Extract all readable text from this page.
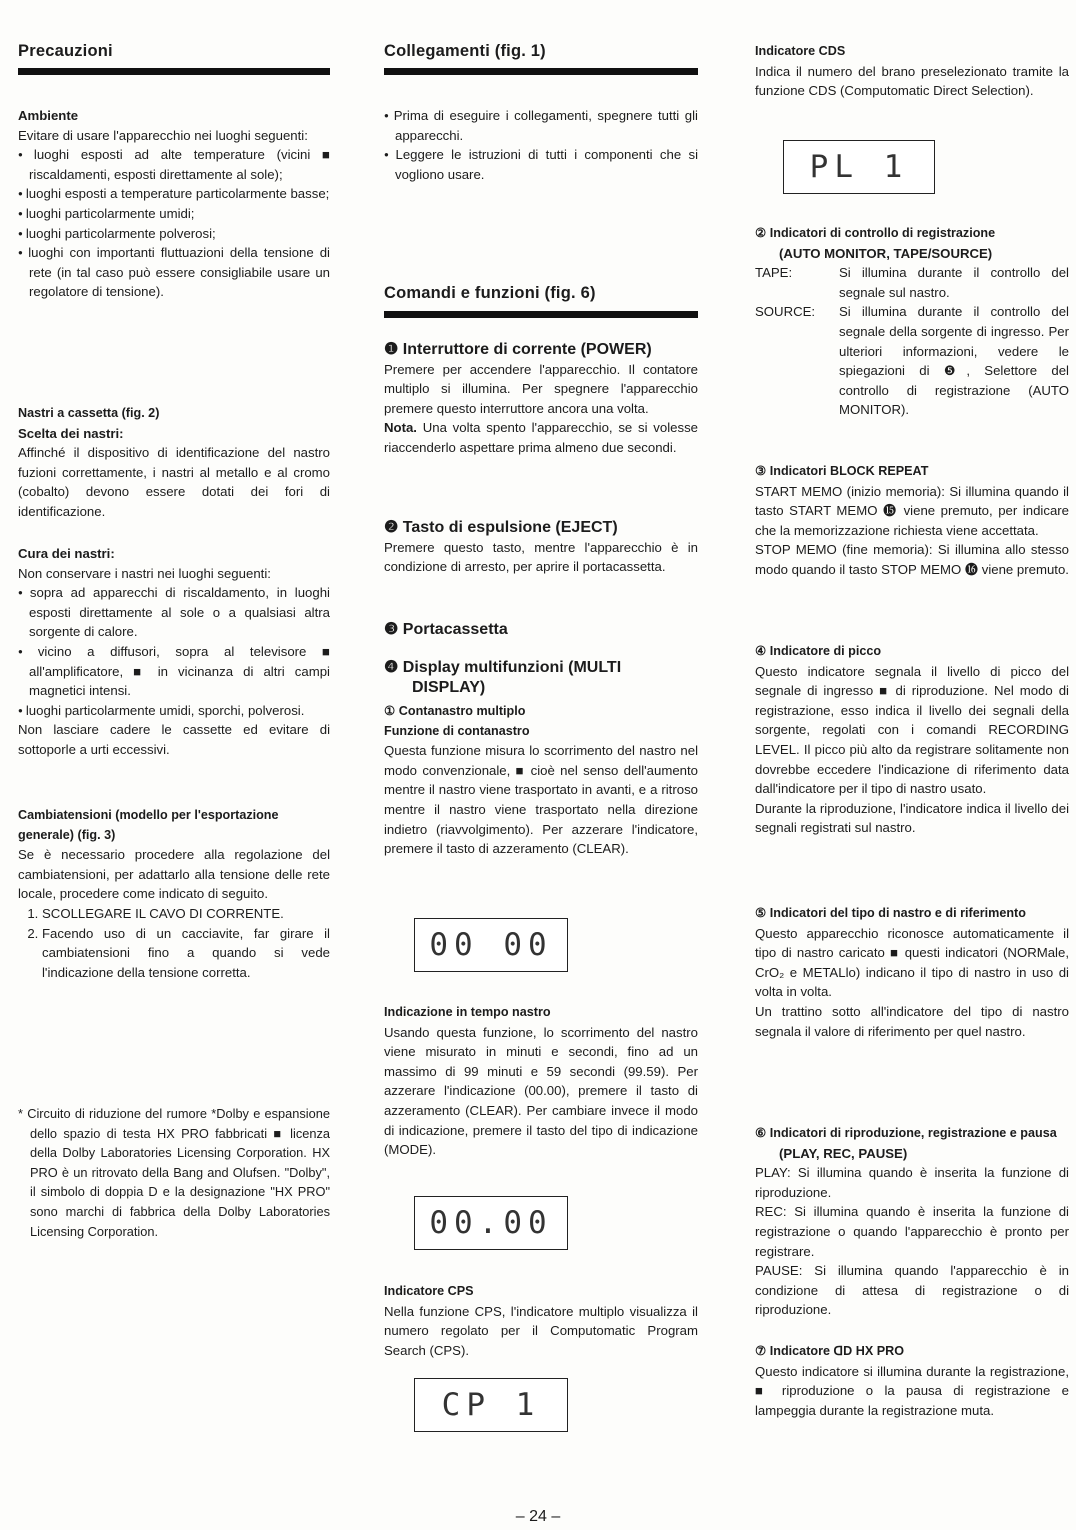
Precauzioni
Ambiente

Evitare di usare l'apparecchio nei luoghi seguenti:

● luoghi esposti ad alte temperature (vicini ■ riscaldamenti, esposti direttamente al sole);
● luoghi esposti a temperature particolarmente basse;
● luoghi particolarmente umidi;
● luoghi particolarmente polverosi;
● luoghi con importanti fluttuazioni della tensione di rete (in tal caso può essere consigliabile usare un regolatore di tensione).
Nastri a cassetta (fig. 2)
Scelta dei nastri:

Affinché il dispositivo di identificazione del nastro fuzioni correttamente, i nastri al metallo e al cromo (cobalto) devono essere dotati dei fori di identificazione.

Cura dei nastri:

Non conservare i nastri nei luoghi seguenti:

● sopra ad apparecchi di riscaldamento, in luoghi esposti direttamente al sole o a qualsiasi altra sorgente di calore.
● vicino a diffusori, sopra al televisore ■ all'amplificatore, ■ in vicinanza di altri campi magnetici intensi.
● luoghi particolarmente umidi, sporchi, polverosi.

Non lasciare cadere le cassette ed evitare di sottoporle a urti eccessivi.

Cambiatensioni (modello per l'esportazione generale) (fig. 3)

Se è necessario procedere alla regolazione del cambiatensioni, per adattarlo alla tensione delle rete locale, procedere come indicato di seguito.

1. SCOLLEGARE IL CAVO DI CORRENTE.
2. Facendo uso di un cacciavite, far girare il cambiatensioni fino a quando si vede l'indicazione della tensione corretta.

* Circuito di riduzione del rumore *Dolby e espansione dello spazio di testa HX PRO fabbricati ■ licenza della Dolby Laboratories Licensing Corporation. HX PRO è un ritrovato della Bang and Olufsen. "Dolby", il simbolo di doppia D e la designazione "HX PRO" sono marchi di fabbrica della Dolby Laboratories Licensing Corporation.

Collegamenti (fig. 1)
● Prima di eseguire i collegamenti, spegnere tutti gli apparecchi.
● Leggere le istruzioni di tutti i componenti che si vogliono usare.
Comandi e funzioni (fig. 6)
❶ Interruttore di corrente (POWER)

Premere per accendere l'apparecchio. Il contatore multiplo si illumina. Per spegnere l'apparecchio premere questo interruttore ancora una volta.

Nota. Una volta spento l'apparecchio, se si volesse riaccenderlo aspettare prima almeno due secondi.

❷ Tasto di espulsione (EJECT)

Premere questo tasto, mentre l'apparecchio è in condizione di arresto, per aprire il portacassetta.

❸ Portacassetta
❹ Display multifunzioni (MULTI DISPLAY)
① Contanastro multiplo
Funzione di contanastro

Questa funzione misura lo scorrimento del nastro nel modo convenzionale, ■ cioè nel senso dell'aumento mentre il nastro viene trasportato in avanti, e a ritroso mentre il nastro viene trasportato nella direzione indietro (riavvolgimento). Per azzerare l'indicatore, premere il tasto di azzeramento (CLEAR).

00 00
Indicazione in tempo nastro

Usando questa funzione, lo scorrimento del nastro viene misurato in minuti e secondi, fino ad un massimo di 99 minuti e 59 secondi (99.59). Per azzerare l'indicazione (00.00), premere il tasto di azzeramento (CLEAR). Per cambiare invece il modo di indicazione, premere il tasto del tipo di indicazione (MODE).

00.00
Indicatore CPS

Nella funzione CPS, l'indicatore multiplo visualizza il numero regolato per il Computomatic Program Search (CPS).

CP 1
Indicatore CDS

Indica il numero del brano preselezionato tramite la funzione CDS (Computomatic Direct Selection).

PL 1
② Indicatori di controllo di registrazione
(AUTO MONITOR, TAPE/SOURCE)
TAPE:	Si illumina durante il controllo del segnale sul nastro.
SOURCE:	Si illumina durante il controllo del segnale della sorgente di ingresso. Per ulteriori informazioni, vedere le spiegazioni di ❺, Selettore del controllo di registrazione (AUTO MONITOR).
③ Indicatori BLOCK REPEAT

START MEMO (inizio memoria): Si illumina quando il tasto START MEMO ⓯ viene premuto, per indicare che la memorizzazione richiesta viene accettata.

STOP MEMO (fine memoria): Si illumina allo stesso modo quando il tasto STOP MEMO ⓰ viene premuto.

④ Indicatore di picco

Questo indicatore segnala il livello di picco del segnale di ingresso ■ di riproduzione. Nel modo di registrazione, esso indica il livello dei segnali della sorgente, regolati con i comandi RECORDING LEVEL. Il picco più alto da registrare solitamente non dovrebbe eccedere l'indicazione di riferimento data dall'indicatore per il tipo di nastro usato.

Durante la riproduzione, l'indicatore indica il livello dei segnali registrati sul nastro.

⑤ Indicatori del tipo di nastro e di riferimento

Questo apparecchio riconosce automaticamente il tipo di nastro caricato ■ questi indicatori (NORMale, CrO₂ e METALlo) indicano il tipo di nastro in uso di volta in volta.

Un trattino sotto all'indicatore del tipo di nastro segnala il valore di riferimento per quel nastro.

⑥ Indicatori di riproduzione, registrazione e pausa
(PLAY, REC, PAUSE)

PLAY: Si illumina quando è inserita la funzione di riproduzione.

REC: Si illumina quando è inserita la funzione di registrazione o quando l'apparecchio è pronto per registrare.

PAUSE: Si illumina quando l'apparecchio è in condizione di attesa di registrazione o di riproduzione.

⑦ Indicatore ᗡD HX PRO

Questo indicatore si illumina durante la registrazione, ■ riproduzione o la pausa di registrazione e lampeggia durante la registrazione muta.

– 24 –
